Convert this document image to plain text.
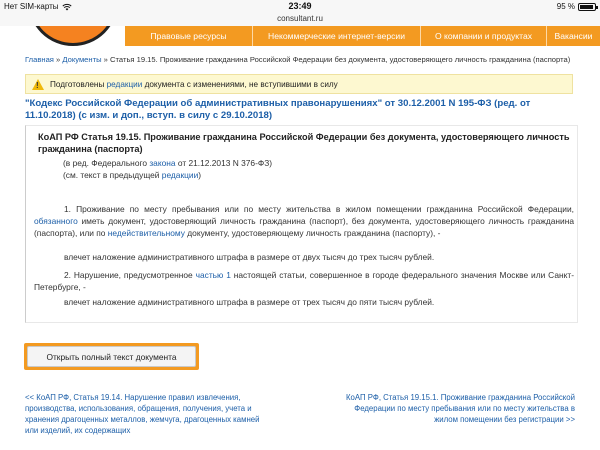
Нет SIM-карты	23:49	95 %
consultant.ru
Правовые ресурсы	Некоммерческие интернет-версии	О компании и продуктах	Вакансии
Главная » Документы » Статья 19.15. Проживание гражданина Российской Федерации без документа, удостоверяющего личность гражданина (паспорта)
!
Подготовлены редакции документа с изменениями, не вступившими в силу
"Кодекс Российской Федерации об административных правонарушениях" от 30.12.2001 N 195-ФЗ (ред. от 11.10.2018) (с изм. и доп., вступ. в силу с 29.10.2018)
КоАП РФ Статья 19.15. Проживание гражданина Российской Федерации без документа, удостоверяющего личность гражданина (паспорта)
(в ред. Федерального закона от 21.12.2013 N 376-ФЗ)
(см. текст в предыдущей редакции)
1. Проживание по месту пребывания или по месту жительства в жилом помещении гражданина Российской Федерации, обязанного иметь документ, удостоверяющий личность гражданина (паспорт), без документа, удостоверяющего личность гражданина (паспорта), или по недействительному документу, удостоверяющему личность гражданина (паспорту), -
влечет наложение административного штрафа в размере от двух тысяч до трех тысяч рублей.
2. Нарушение, предусмотренное частью 1 настоящей статьи, совершенное в городе федерального значения Москве или Санкт-Петербурге, -
влечет наложение административного штрафа в размере от трех тысяч до пяти тысяч рублей.
Открыть полный текст документа
<< КоАП РФ, Статья 19.14. Нарушение правил извлечения, производства, использования, обращения, получения, учета и хранения драгоценных металлов, жемчуга, драгоценных камней или изделий, их содержащих
КоАП РФ, Статья 19.15.1. Проживание гражданина Российской Федерации по месту пребывания или по месту жительства в жилом помещении без регистрации >>
